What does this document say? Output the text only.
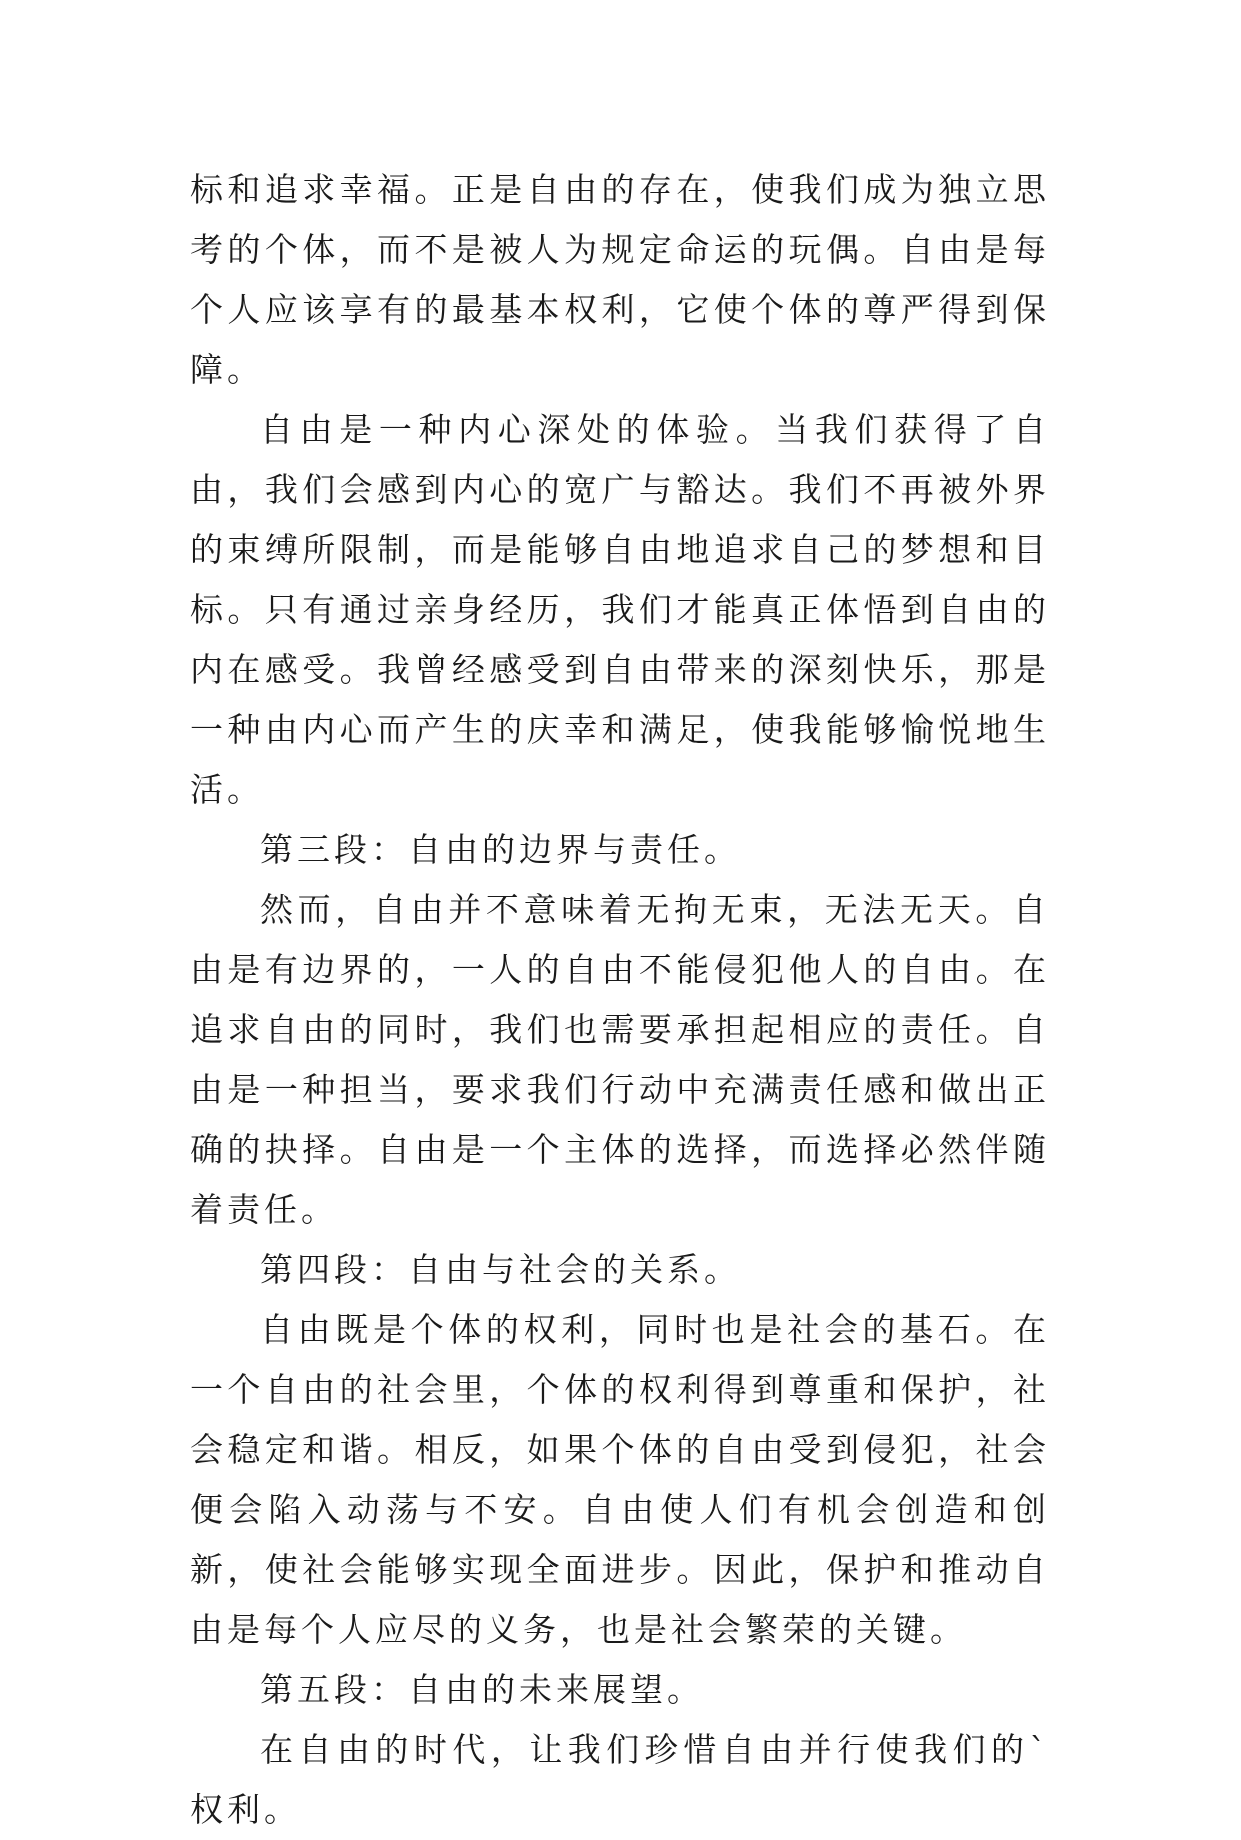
标和追求幸福。正是自由的存在，使我们成为独立思考的个体，而不是被人为规定命运的玩偶。自由是每个人应该享有的最基本权利，它使个体的尊严得到保障。

自由是一种内心深处的体验。当我们获得了自由，我们会感到内心的宽广与豁达。我们不再被外界的束缚所限制，而是能够自由地追求自己的梦想和目标。只有通过亲身经历，我们才能真正体悟到自由的内在感受。我曾经感受到自由带来的深刻快乐，那是一种由内心而产生的庆幸和满足，使我能够愉悦地生活。

第三段：自由的边界与责任。

然而，自由并不意味着无拘无束，无法无天。自由是有边界的，一人的自由不能侵犯他人的自由。在追求自由的同时，我们也需要承担起相应的责任。自由是一种担当，要求我们行动中充满责任感和做出正确的抉择。自由是一个主体的选择，而选择必然伴随着责任。

第四段：自由与社会的关系。

自由既是个体的权利，同时也是社会的基石。在一个自由的社会里，个体的权利得到尊重和保护，社会稳定和谐。相反，如果个体的自由受到侵犯，社会便会陷入动荡与不安。自由使人们有机会创造和创新，使社会能够实现全面进步。因此，保护和推动自由是每个人应尽的义务，也是社会繁荣的关键。

第五段：自由的未来展望。

在自由的时代，让我们珍惜自由并行使我们的`权利。
